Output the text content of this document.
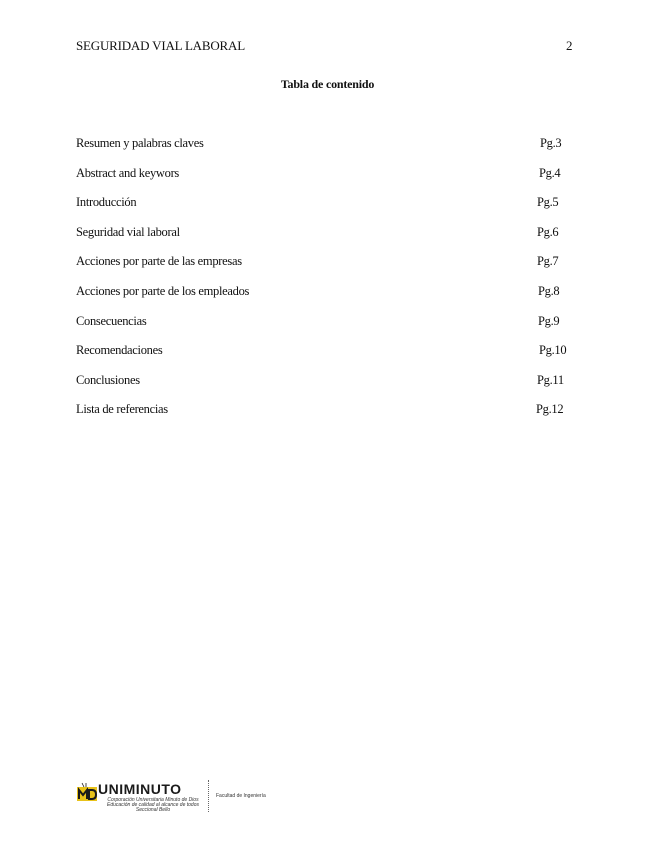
SEGURIDAD VIAL LABORAL	2
Tabla de contenido
Resumen y palabras claves	Pg.3
Abstract and keywors	Pg.4
Introducción	Pg.5
Seguridad vial laboral	Pg.6
Acciones por parte de las empresas	Pg.7
Acciones por parte de los empleados	Pg.8
Consecuencias	Pg.9
Recomendaciones	Pg.10
Conclusiones	Pg.11
Lista de referencias	Pg.12
UNIMINUTO
Corporación Universitaria Minuto de Dios
Educación de calidad al alcance de todos
Seccional Bello
Facultad de Ingeniería
